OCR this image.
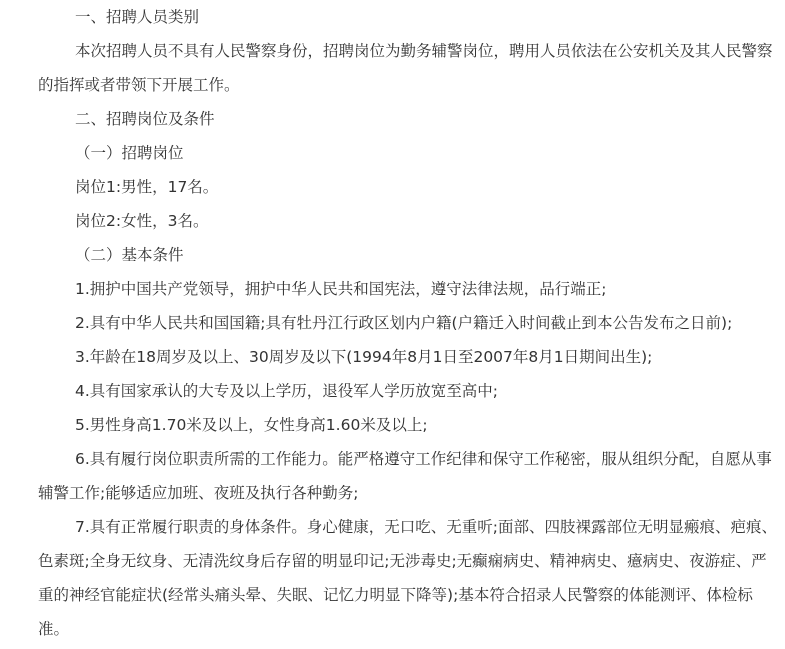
一、招聘人员类别

本次招聘人员不具有人民警察身份，招聘岗位为勤务辅警岗位，聘用人员依法在公安机关及其人民警察的指挥或者带领下开展工作。

二、招聘岗位及条件

（一）招聘岗位

岗位1:男性，17名。

岗位2:女性，3名。

（二）基本条件

1.拥护中国共产党领导，拥护中华人民共和国宪法，遵守法律法规，品行端正;

2.具有中华人民共和国国籍;具有牡丹江行政区划内户籍(户籍迁入时间截止到本公告发布之日前);

3.年龄在18周岁及以上、30周岁及以下(1994年8月1日至2007年8月1日期间出生);

4.具有国家承认的大专及以上学历，退役军人学历放宽至高中;

5.男性身高1.70米及以上，女性身高1.60米及以上;

6.具有履行岗位职责所需的工作能力。能严格遵守工作纪律和保守工作秘密，服从组织分配，自愿从事辅警工作;能够适应加班、夜班及执行各种勤务;

7.具有正常履行职责的身体条件。身心健康，无口吃、无重听;面部、四肢裸露部位无明显瘢痕、疤痕、色素斑;全身无纹身、无清洗纹身后存留的明显印记;无涉毒史;无癫痫病史、精神病史、癔病史、夜游症、严重的神经官能症状(经常头痛头晕、失眠、记忆力明显下降等);基本符合招录人民警察的体能测评、体检标准。
